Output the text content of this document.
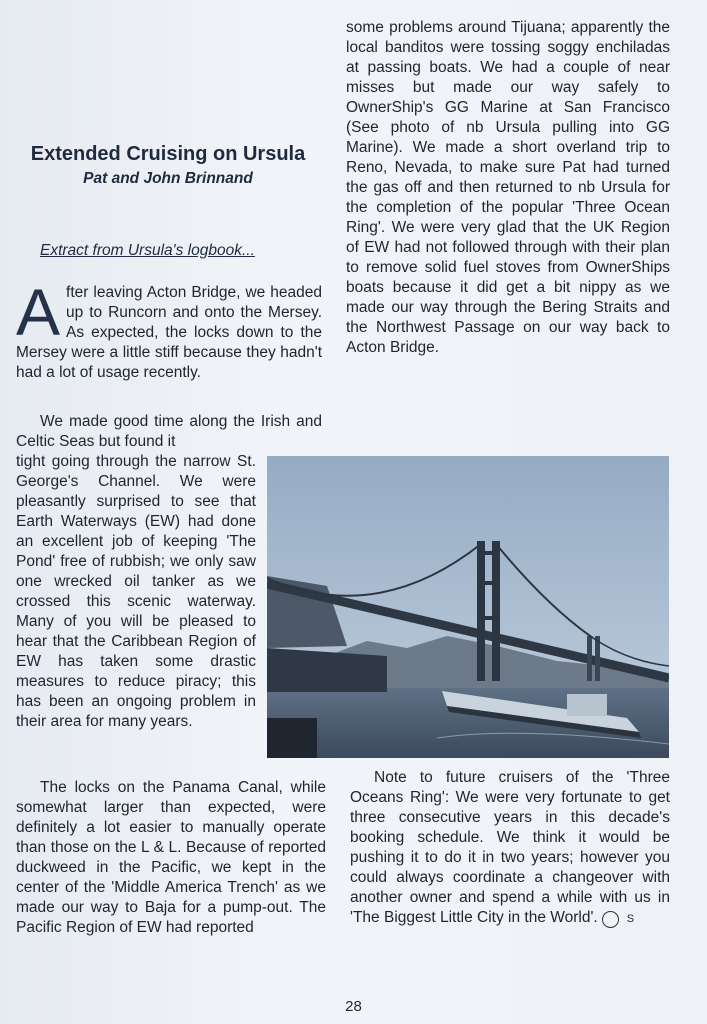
Extended Cruising on Ursula
Pat and John Brinnand
Extract from Ursula's logbook...
After leaving Acton Bridge, we headed up to Runcorn and onto the Mersey. As expected, the locks down to the Mersey were a little stiff because they hadn't had a lot of usage recently.
We made good time along the Irish and Celtic Seas but found it
tight going through the narrow St. George's Channel. We were pleasantly surprised to see that Earth Waterways (EW) had done an excellent job of keeping 'The Pond' free of rubbish; we only saw one wrecked oil tanker as we crossed this scenic waterway. Many of you will be pleased to hear that the Caribbean Region of EW has taken some drastic measures to reduce piracy; this has been an ongoing problem in their area for many years.
The locks on the Panama Canal, while somewhat larger than expected, were definitely a lot easier to manually operate than those on the L & L. Because of reported duckweed in the Pacific, we kept in the center of the 'Middle America Trench' as we made our way to Baja for a pump-out. The Pacific Region of EW had reported
some problems around Tijuana; apparently the local banditos were tossing soggy enchiladas at passing boats. We had a couple of near misses but made our way safely to OwnerShip's GG Marine at San Francisco (See photo of nb Ursula pulling into GG Marine). We made a short overland trip to Reno, Nevada, to make sure Pat had turned the gas off and then returned to nb Ursula for the completion of the popular 'Three Ocean Ring'. We were very glad that the UK Region of EW had not followed through with their plan to remove solid fuel stoves from OwnerShips boats because it did get a bit nippy as we made our way through the Bering Straits and the Northwest Passage on our way back to Acton Bridge.
Note to future cruisers of the 'Three Oceans Ring': We were very fortunate to get three consecutive years in this decade's booking schedule. We think it would be pushing it to do it in two years; however you could always coordinate a changeover with another owner and spend a while with us in 'The Biggest Little City in the World'.	S
28
